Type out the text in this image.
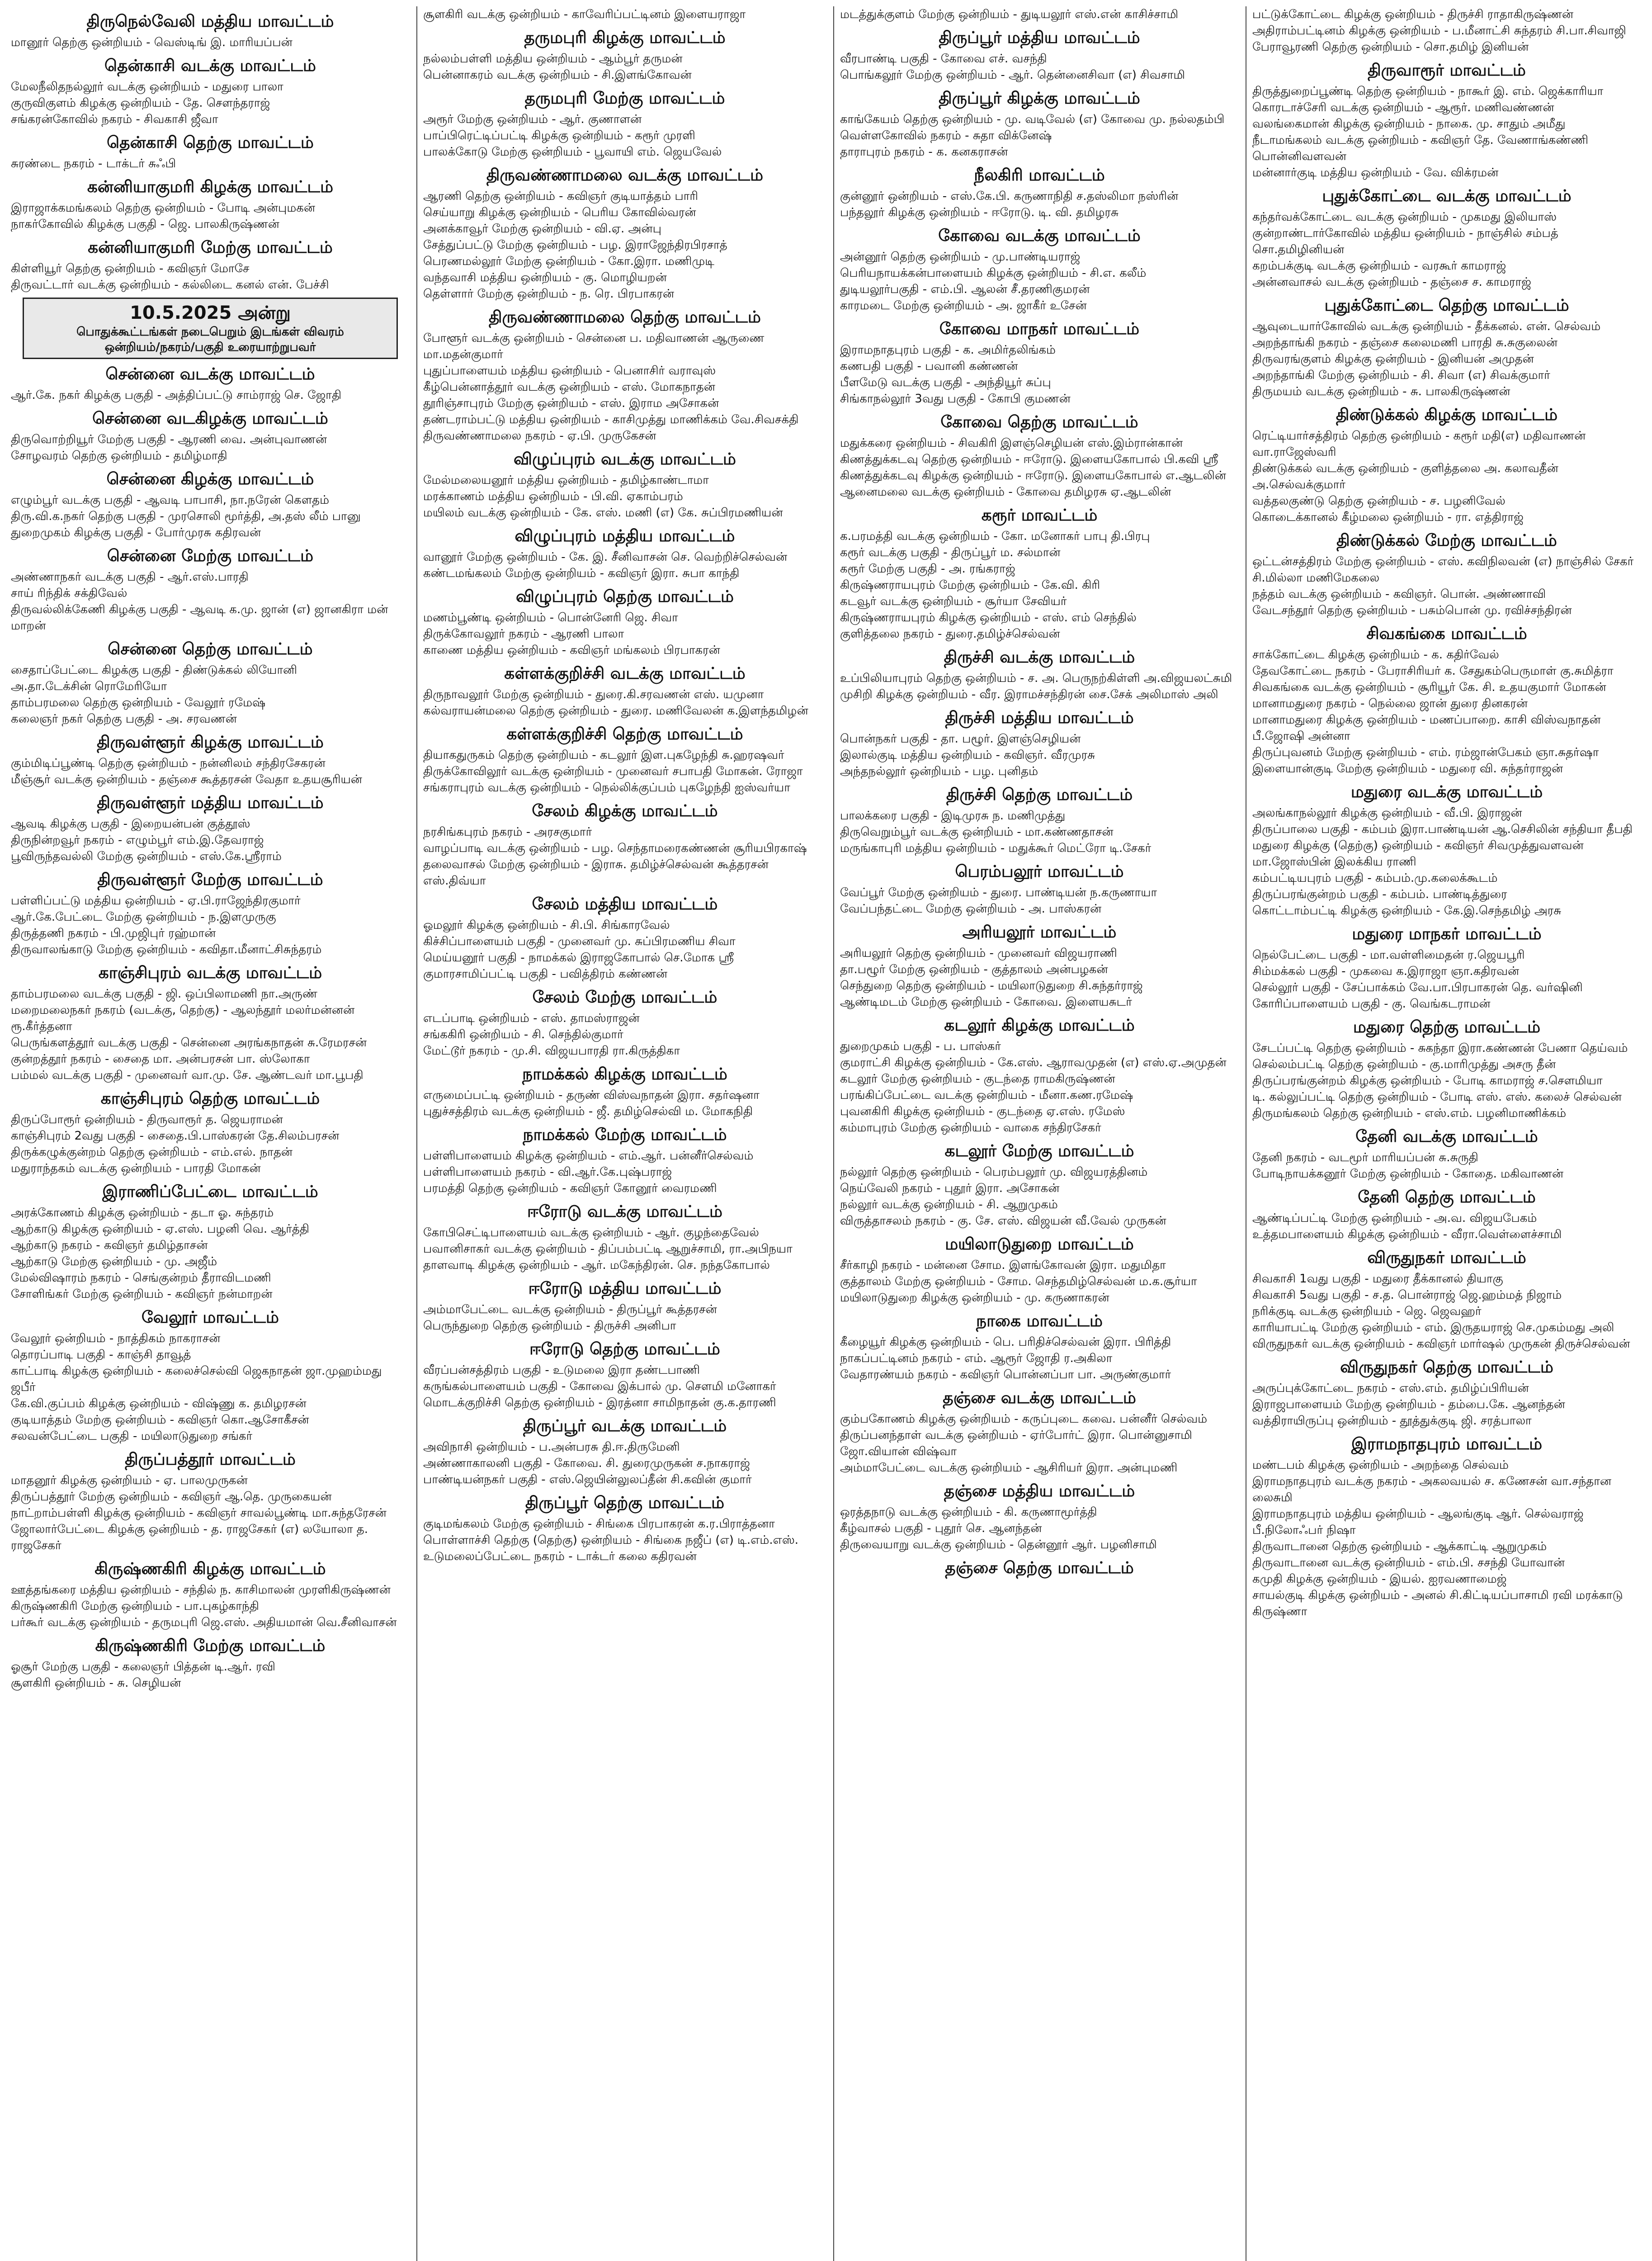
திருநெல்வேலி மத்திய மாவட்டம்
மானூர் தெற்கு ஒன்றியம் - வெஸ்டிங் இ. மாரியப்பன்
தென்காசி வடக்கு மாவட்டம்
மேலநீலிதநல்லூர் வடக்கு ஒன்றியம் - மதுரை பாலா
குருவிகுளம் கிழக்கு ஒன்றியம் - தே. சௌந்தராஜ்
சங்கரன்கோவில் நகரம் - சிவகாசி ஜீவா
தென்காசி தெற்கு மாவட்டம்
சுரண்டை நகரம் - டாக்டர் சுஃபி
கன்னியாகுமரி கிழக்கு மாவட்டம்
இராஜாக்கமங்கலம் தெற்கு ஒன்றியம் - போடி அன்புமகன்
நாகர்கோவில் கிழக்கு பகுதி - ஜெ. பாலகிருஷ்ணன்
கன்னியாகுமரி மேற்கு மாவட்டம்
கிள்ளியூர் தெற்கு ஒன்றியம் - கவிஞர் மோசே
திருவட்டார் வடக்கு ஒன்றியம் - கல்லிடை கனல் என். பேச்சி
10.5.2025 அன்று
பொதுக்கூட்டங்கள் நடைபெறும் இடங்கள் விவரம்
ஒன்றியம்/நகரம்/பகுதி உரையாற்றுபவர்
சென்னை வடக்கு மாவட்டம்
ஆர்.கே. நகர் கிழக்கு பகுதி - அத்திப்பட்டு சாம்ராஜ் செ. ஜோதி
சென்னை வடகிழக்கு மாவட்டம்
திருவொற்றியூர் மேற்கு பகுதி - ஆரணி வை. அன்புவாணன்
சோழவரம் தெற்கு ஒன்றியம் - தமிழ்மாதி
சென்னை கிழக்கு மாவட்டம்
எழும்பூர் வடக்கு பகுதி - ஆவடி பாபாசி, நா.நரேன் கௌதம்
திரு.வி.க.நகர் தெற்கு பகுதி - முரசொலி மூர்த்தி, அ.தஸ் லீம் பானு
துறைமுகம் கிழக்கு பகுதி - போர்முரசு கதிரவன்
சென்னை மேற்கு மாவட்டம்
அண்ணாநகர் வடக்கு பகுதி - ஆர்.எஸ்.பாரதி
சாய் ரிந்திக் சக்திவேல்
திருவல்லிக்கேணி கிழக்கு பகுதி - ஆவடி க.மு. ஜான் (எ) ஜானகிரா மன் மாறன்
சென்னை தெற்கு மாவட்டம்
சைதாப்பேட்டை கிழக்கு பகுதி - திண்டுக்கல் லியோனி
அ.தா.டேக்சின் ரொமேரியோ
தாம்பரமலை தெற்கு ஒன்றியம் - வேலூர் ரமேஷ்
கலைஞர் நகர் தெற்கு பகுதி - அ. சரவணன்
திருவள்ளூர் கிழக்கு மாவட்டம்
கும்மிடிப்பூண்டி தெற்கு ஒன்றியம் - நன்னிலம் சந்திரசேகரன்
மீஞ்சூர் வடக்கு ஒன்றியம் - தஞ்சை கூத்தரசன் வேதா உதயசூரியன்
திருவள்ளூர் மத்திய மாவட்டம்
ஆவடி கிழக்கு பகுதி - இறையன்பன் குத்தூஸ்
திருநின்றவூர் நகரம் - எழும்பூர் எம்.இ.தேவராஜ்
பூவிருந்தவல்லி மேற்கு ஒன்றியம் - எஸ்.கே.ஸ்ரீராம்
திருவள்ளூர் மேற்கு மாவட்டம்
பள்ளிப்பட்டு மத்திய ஒன்றியம் - ஏ.பி.ராஜேந்திரகுமார்
ஆர்.கே.பேட்டை மேற்கு ஒன்றியம் - ந.இளமுருகு
திருத்தணி நகரம் - பி.முஜிபுர் ரஹ்மான்
திருவாலங்காடு மேற்கு ஒன்றியம் - கவிதா.மீனாட்சிசுந்தரம்
காஞ்சிபுரம் வடக்கு மாவட்டம்
தாம்பரமலை வடக்கு பகுதி - ஜி. ஒப்பிலாமணி நா.அருண்
மறைமலைநகர் நகரம் (வடக்கு, தெற்கு) - ஆலந்தூர் மலர்மன்னன் ரூ.கீர்த்தனா
பெருங்களத்தூர் வடக்கு பகுதி - சென்னை அரங்கநாதன் சு.ரேமரசன்
குன்றத்தூர் நகரம் - சைதை மா. அன்பரசன் பா. ஸ்லோகா
பம்மல் வடக்கு பகுதி - முனைவர் வா.மு. சே. ஆண்டவர் மா.பூபதி
காஞ்சிபுரம் தெற்கு மாவட்டம்
திருப்போரூர் ஒன்றியம் - திருவாரூர் த. ஜெயராமன்
காஞ்சிபுரம் 2வது பகுதி - சைதை.பி.பாஸ்கரன் தே.சிலம்பரசன்
திருக்கழுக்குன்றம் தெற்கு ஒன்றியம் - எம்.எல். நாதன்
மதுராந்தகம் வடக்கு ஒன்றியம் - பாரதி மோகன்
இராணிப்பேட்டை மாவட்டம்
அரக்கோணம் கிழக்கு ஒன்றியம் - தடா ஓ. சுந்தரம்
ஆற்காடு கிழக்கு ஒன்றியம் - ஏ.எஸ். பழனி வெ. ஆர்த்தி
ஆற்காடு நகரம் - கவிஞர் தமிழ்தாசன்
ஆற்காடு மேற்கு ஒன்றியம் - மு. அஜீம்
மேல்விஷாரம் நகரம் - செங்குன்றம் தீராவிடமணி
சோளிங்கர் மேற்கு ஒன்றியம் - கவிஞர் நன்மாறன்
வேலூர் மாவட்டம்
வேலூர் ஒன்றியம் - நாத்திகம் நாகராசன்
தொரப்பாடி பகுதி - காஞ்சி தாவூத்
காட்பாடி கிழக்கு ஒன்றியம் - கலைச்செல்வி ஜெகநாதன் ஜா.முஹம்மது ஜபீர்
கே.வி.குப்பம் கிழக்கு ஒன்றியம் - விஷ்ணு க. தமிழரசன்
குடியாத்தம் மேற்கு ஒன்றியம் - கவிஞர் கொ.ஆசோகீசன்
சலவன்பேட்டை பகுதி - மயிலாடுதுறை சங்கர்
திருப்பத்தூர் மாவட்டம்
மாதனூர் கிழக்கு ஒன்றியம் - ஏ. பாலமுருகன்
திருப்பத்தூர் மேற்கு ஒன்றியம் - கவிஞர் ஆ.தெ. முருகையன்
நாட்றாம்பள்ளி கிழக்கு ஒன்றியம் - கவிஞர் சாவல்பூண்டி மா.சுந்தரேசன்
ஜோலார்பேட்டை கிழக்கு ஒன்றியம் - த. ராஜசேகர் (எ) லயோலா த. ராஜசேகர்
கிருஷ்ணகிரி கிழக்கு மாவட்டம்
ஊத்தங்கரை மத்திய ஒன்றியம் - சந்தில் ந. காசிமாலன் முரளிகிருஷ்ணன்
கிருஷ்ணகிரி மேற்கு ஒன்றியம் - பா.புகழ்காந்தி
பர்கூர் வடக்கு ஒன்றியம் - தருமபுரி ஜெ.எஸ். அதியமான் வெ.சீனிவாசன்
கிருஷ்ணகிரி மேற்கு மாவட்டம்
ஓசூர் மேற்கு பகுதி - கலைஞர் பித்தன் டி.ஆர். ரவி
சூளகிரி ஒன்றியம் - சு. செழியன்
சூளகிரி வடக்கு ஒன்றியம் - காவேரிப்பட்டினம் இளையராஜா
தருமபுரி கிழக்கு மாவட்டம்
நல்லம்பள்ளி மத்திய ஒன்றியம் - ஆம்பூர் தருமன்
பென்னாகரம் வடக்கு ஒன்றியம் - சி.இளங்கோவன்
தருமபுரி மேற்கு மாவட்டம்
அரூர் மேற்கு ஒன்றியம் - ஆர். குணாளன்
பாப்பிரெட்டிப்பட்டி கிழக்கு ஒன்றியம் - கரூர் முரளி
பாலக்கோடு மேற்கு ஒன்றியம் - பூவாயி எம். ஜெயவேல்
திருவண்ணாமலை வடக்கு மாவட்டம்
ஆரணி தெற்கு ஒன்றியம் - கவிஞர் குடியாத்தம் பாரி
செய்யாறு கிழக்கு ஒன்றியம் - பெரிய கோவில்வரன்
அனக்காவூர் மேற்கு ஒன்றியம் - வி.ஏ. அன்பு
சேத்துப்பட்டு மேற்கு ஒன்றியம் - பழ. இராஜேந்திரபிரசாத்
பெரணமல்லூர் மேற்கு ஒன்றியம் - கோ.இரா. மணிமுடி
வந்தவாசி மத்திய ஒன்றியம் - கு. மொழியறன்
தெள்ளார் மேற்கு ஒன்றியம் - ந. ரெ. பிரபாகரன்
திருவண்ணாமலை தெற்கு மாவட்டம்
போளூர் வடக்கு ஒன்றியம் - சென்னை ப. மதிவாணன் ஆருணை மா.மதன்குமார்
புதுப்பாளையம் மத்திய ஒன்றியம் - பெனாசிர் வராவுஸ்
கீழ்பென்னாத்தூர் வடக்கு ஒன்றியம் - எஸ். மோகநாதன்
தூரிஞ்சாபுரம் மேற்கு ஒன்றியம் - எஸ். இராம அசோகன்
தண்டராம்பட்டு மத்திய ஒன்றியம் - காசிமுத்து மாணிக்கம் வே.சிவசக்தி
திருவண்ணாமலை நகரம் - ஏ.பி. முருகேசன்
விழுப்புரம் வடக்கு மாவட்டம்
மேல்மலையனூர் மத்திய ஒன்றியம் - தமிழ்காண்டாமா
மரக்காணம் மத்திய ஒன்றியம் - பி.வி. ஏகாம்பரம்
மயிலம் வடக்கு ஒன்றியம் - கே. எஸ். மணி (எ) கே. சுப்பிரமணியன்
விழுப்புரம் மத்திய மாவட்டம்
வானூர் மேற்கு ஒன்றியம் - கே. இ. சீனிவாசன் செ. வெற்றிச்செல்வன்
கண்டமங்கலம் மேற்கு ஒன்றியம் - கவிஞர் இரா. சுபா காந்தி
விழுப்புரம் தெற்கு மாவட்டம்
மணம்பூண்டி ஒன்றியம் - பொன்னேரி ஜெ. சிவா
திருக்கோவலூர் நகரம் - ஆரணி பாலா
காணை மத்திய ஒன்றியம் - கவிஞர் மங்கலம் பிரபாகரன்
கள்ளக்குறிச்சி வடக்கு மாவட்டம்
திருநாவலூர் மேற்கு ஒன்றியம் - துரை.கி.சரவணன் எஸ். யமுனா
கல்வராயன்மலை தெற்கு ஒன்றியம் - துரை. மணிவேலன் க.இளந்தமிழன்
கள்ளக்குறிச்சி தெற்கு மாவட்டம்
தியாகதுருகம் தெற்கு ஒன்றியம் - கடலூர் இள.புகழேந்தி சு.ஹரஷவர்
திருக்கோவிலூர் வடக்கு ஒன்றியம் - முனைவர் சபாபதி மோகன். ரோஜா
சங்கராபுரம் வடக்கு ஒன்றியம் - நெல்லிக்குப்பம் புகழேந்தி ஐஸ்வர்யா
சேலம் கிழக்கு மாவட்டம்
நரசிங்கபுரம் நகரம் - அரசகுமார்
வாழப்பாடி வடக்கு ஒன்றியம் - பழ. செந்தாமரைகண்ணன் சூரியபிரகாஷ்
தலைவாசல் மேற்கு ஒன்றியம் - இராசு. தமிழ்ச்செல்வன் கூத்தரசன் எஸ்.திவ்யா
சேலம் மத்திய மாவட்டம்
ஓமலூர் கிழக்கு ஒன்றியம் - சி.பி. சிங்காரவேல்
கிச்சிப்பாளையம் பகுதி - முனைவர் மு. சுப்பிரமணிய சிவா
மெய்யனூர் பகுதி - நாமக்கல் இராஜகோபால் செ.மோக ஸ்ரீ
குமாரசாமிப்பட்டி பகுதி - பவித்திரம் கண்ணன்
சேலம் மேற்கு மாவட்டம்
எடப்பாடி ஒன்றியம் - எஸ். தாமஸ்ராஜன்
சங்ககிரி ஒன்றியம் - சி. செந்தில்குமார்
மேட்டூர் நகரம் - மு.சி. விஜயபாரதி ரா.கிருத்திகா
நாமக்கல் கிழக்கு மாவட்டம்
எருமைப்பட்டி ஒன்றியம் - தருண் விஸ்வநாதன் இரா. சதர்ஷனா
புதுச்சத்திரம் வடக்கு ஒன்றியம் - ஜீ. தமிழ்செல்வி ம. மோகநிதி
நாமக்கல் மேற்கு மாவட்டம்
பள்ளிபாளையம் கிழக்கு ஒன்றியம் - எம்.ஆர். பன்னீர்செல்வம்
பள்ளிபாளையம் நகரம் - வி.ஆர்.கே.புஷ்பராஜ்
பரமத்தி தெற்கு ஒன்றியம் - கவிஞர் கோனூர் வைரமணி
ஈரோடு வடக்கு மாவட்டம்
கோபிசெட்டிபாளையம் வடக்கு ஒன்றியம் - ஆர். குழந்தைவேல்
பவானிசாகர் வடக்கு ஒன்றியம் - திப்பம்பட்டி ஆறுச்சாமி, ரா.அபிநயா
தாளவாடி கிழக்கு ஒன்றியம் - ஆர். மகேந்திரன். செ. நந்தகோபால்
ஈரோடு மத்திய மாவட்டம்
அம்மாபேட்டை வடக்கு ஒன்றியம் - திருப்பூர் கூத்தரசன்
பெருந்துறை தெற்கு ஒன்றியம் - திருச்சி அனிபா
ஈரோடு தெற்கு மாவட்டம்
வீரப்பன்சத்திரம் பகுதி - உடுமலை இரா தண்டபாணி
கருங்கல்பாளையம் பகுதி - கோவை இக்பால் மு. சௌமி மனோகர்
மொடக்குறிச்சி தெற்கு ஒன்றியம் - இரத்னா சாமிநாதன் கு.க.தாரணி
திருப்பூர் வடக்கு மாவட்டம்
அவிநாசி ஒன்றியம் - ப.அன்பரசு தி.ஈ.திருமேனி
அண்ணாகாலனி பகுதி - கோவை. சி. துரைமுருகன் ச.நாகராஜ்
பாண்டியன்நகர் பகுதி - எஸ்.ஜெயின்லுலப்தீன் சி.கவின் குமார்
திருப்பூர் தெற்கு மாவட்டம்
குடிமங்கலம் மேற்கு ஒன்றியம் - சிங்கை பிரபாகரன் க.ர.பிராத்தனா
பொள்ளாச்சி தெற்கு (தெற்கு) ஒன்றியம் - சிங்கை நஜீப் (எ) டி.எம்.எஸ்.
உடுமலைப்பேட்டை நகரம் - டாக்டர் கலை கதிரவன்
மடத்துக்குளம் மேற்கு ஒன்றியம் - துடியலூர் எஸ்.என் காசிச்சாமி
திருப்பூர் மத்திய மாவட்டம்
வீரபாண்டி பகுதி - கோவை எச். வசந்தி
பொங்கலூர் மேற்கு ஒன்றியம் - ஆர். தென்னைசிவா (எ) சிவசாமி
திருப்பூர் கிழக்கு மாவட்டம்
காங்கேயம் தெற்கு ஒன்றியம் - மு. வடிவேல் (எ) கோவை மு. நல்லதம்பி
வெள்ளகோவில் நகரம் - சுதா விக்னேஷ்
தாராபுரம் நகரம் - க. கனகராசன்
நீலகிரி மாவட்டம்
குன்னூர் ஒன்றியம் - எஸ்.கே.பி. கருணாநிதி ச.தஸ்லிமா நஸ்ரின்
பந்தலூர் கிழக்கு ஒன்றியம் - ஈரோடு. டி. வி. தமிழரசு
கோவை வடக்கு மாவட்டம்
அன்னூர் தெற்கு ஒன்றியம் - மு.பாண்டியராஜ்
பெரியநாயக்கன்பாளையம் கிழக்கு ஒன்றியம் - சி.எ. கலீம்
துடியலூர்பகுதி - எம்.பி. ஆலன் சீ.தரணிகுமரன்
காரமடை மேற்கு ஒன்றியம் - அ. ஜாகீர் உசேன்
கோவை மாநகர் மாவட்டம்
இராமநாதபுரம் பகுதி - க. அமிர்தலிங்கம்
கணபதி பகுதி - பவானி கண்ணன்
பீளமேடு வடக்கு பகுதி - அந்தியூர் சுப்பு
சிங்காநல்லூர் 3வது பகுதி - கோபி குமணன்
கோவை தெற்கு மாவட்டம்
மதுக்கரை ஒன்றியம் - சிவகிரி இளஞ்செழியன் எஸ்.இம்ரான்கான்
கிணத்துக்கடவு தெற்கு ஒன்றியம் - ஈரோடு. இளையகோபால் பி.கவி ஸ்ரீ
கிணத்துக்கடவு கிழக்கு ஒன்றியம் - ஈரோடு. இளையகோபால் எ.ஆடலின்
ஆனைமலை வடக்கு ஒன்றியம் - கோவை தமிழரசு ஏ.ஆடலின்
கரூர் மாவட்டம்
க.பரமத்தி வடக்கு ஒன்றியம் - கோ. மனோகர் பாபு தி.பிரபு
கரூர் வடக்கு பகுதி - திருப்பூர் ம. சல்மான்
கரூர் மேற்கு பகுதி - அ. ரங்கராஜ்
கிருஷ்ணராயபுரம் மேற்கு ஒன்றியம் - கே.வி. கிரி
கடவூர் வடக்கு ஒன்றியம் - சூர்யா சேவியர்
கிருஷ்ணராயபுரம் கிழக்கு ஒன்றியம் - எஸ். எம் செந்தில்
குளித்தலை நகரம் - துரை.தமிழ்ச்செல்வன்
திருச்சி வடக்கு மாவட்டம்
உப்பிலியாபுரம் தெற்கு ஒன்றியம் - ச. அ. பெருநற்கிள்ளி அ.விஜயலட்சுமி
முசிறி கிழக்கு ஒன்றியம் - வீர. இராமச்சந்திரன் சை.சேக் அலிமாஸ் அலி
திருச்சி மத்திய மாவட்டம்
பொன்நகர் பகுதி - தா. பழூர். இளஞ்செழியன்
இலால்குடி மத்திய ஒன்றியம் - கவிஞர். வீரமுரசு
அந்தநல்லூர் ஒன்றியம் - பழ. புனிதம்
திருச்சி தெற்கு மாவட்டம்
பாலக்கரை பகுதி - இடிமுரசு ந. மணிமுத்து
திருவெறும்பூர் வடக்கு ஒன்றியம் - மா.கண்ணதாசன்
மருங்காபுரி மத்திய ஒன்றியம் - மதுக்கூர் மெட்ரோ டி.சேகர்
பெரம்பலூர் மாவட்டம்
வேப்பூர் மேற்கு ஒன்றியம் - துரை. பாண்டியன் ந.கருணாயா
வேப்பந்தட்டை மேற்கு ஒன்றியம் - அ. பாஸ்கரன்
அரியலூர் மாவட்டம்
அரியலூர் தெற்கு ஒன்றியம் - முனைவர் விஜயராணி
தா.பழூர் மேற்கு ஒன்றியம் - குத்தாலம் அன்பழகன்
செந்துறை தெற்கு ஒன்றியம் - மயிலாடுதுறை சி.சுந்தர்ராஜ்
ஆண்டிமடம் மேற்கு ஒன்றியம் - கோவை. இளையசுடர்
கடலூர் கிழக்கு மாவட்டம்
துறைமுகம் பகுதி - ப. பாஸ்கர்
குமராட்சி கிழக்கு ஒன்றியம் - கே.எஸ். ஆராவமுதன் (எ) எஸ்.ஏ.அமுதன்
கடலூர் மேற்கு ஒன்றியம் - குடந்தை ராமகிருஷ்ணன்
பரங்கிப்பேட்டை வடக்கு ஒன்றியம் - மீனா.கண.ரமேஷ்
புவனகிரி கிழக்கு ஒன்றியம் - குடந்தை ஏ.எஸ். ரமேஸ்
கம்மாபுரம் மேற்கு ஒன்றியம் - வாகை சந்திரசேகர்
கடலூர் மேற்கு மாவட்டம்
நல்லூர் தெற்கு ஒன்றியம் - பெரம்பலூர் மு. விஜயரத்தினம்
நெய்வேலி நகரம் - புதூர் இரா. அசோகன்
நல்லூர் வடக்கு ஒன்றியம் - சி. ஆறுமுகம்
விருத்தாசலம் நகரம் - கு. சே. எஸ். விஜயன் வீ.வேல் முருகன்
மயிலாடுதுறை மாவட்டம்
சீர்காழி நகரம் - மன்னை சோம. இளங்கோவன் இரா. மதுமிதா
குத்தாலம் மேற்கு ஒன்றியம் - சோம. செந்தமிழ்செல்வன் ம.க.சூர்யா
மயிலாடுதுறை கிழக்கு ஒன்றியம் - மு. கருணாகரன்
நாகை மாவட்டம்
கீழையூர் கிழக்கு ஒன்றியம் - பெ. பரிதிச்செல்வன் இரா. பிரித்தி
நாகப்பட்டினம் நகரம் - எம். ஆரூர் ஜோதி ர.அகிலா
வேதாரண்யம் நகரம் - கவிஞர் பொன்னப்பா பா. அருண்குமார்
தஞ்சை வடக்கு மாவட்டம்
கும்பகோணம் கிழக்கு ஒன்றியம் - கருப்புடை கவை. பன்னீர் செல்வம்
திருப்பனந்தாள் வடக்கு ஒன்றியம் - ஏர்போர்ட் இரா. பொன்னுசாமி ஜோ.வியான் விஷ்வா
அம்மாபேட்டை வடக்கு ஒன்றியம் - ஆசிரியர் இரா. அன்புமணி
தஞ்சை மத்திய மாவட்டம்
ஒரத்தநாடு வடக்கு ஒன்றியம் - கி. கருணாமூர்த்தி
கீழ்வாசல் பகுதி - புதூர் செ. ஆனந்தன்
திருவையாறு வடக்கு ஒன்றியம் - தென்னூர் ஆர். பழனிசாமி
தஞ்சை தெற்கு மாவட்டம்
பட்டுக்கோட்டை கிழக்கு ஒன்றியம் - திருச்சி ராதாகிருஷ்ணன்
அதிராம்பட்டினம் கிழக்கு ஒன்றியம் - ப.மீனாட்சி சுந்தரம் சி.பா.சிவாஜி
பேராவூரணி தெற்கு ஒன்றியம் - சொ.தமிழ் இனியன்
திருவாரூர் மாவட்டம்
திருத்துறைப்பூண்டி தெற்கு ஒன்றியம் - நாகூர் இ. எம். ஜெக்காரியா
கொரடாச்சேரி வடக்கு ஒன்றியம் - ஆரூர். மணிவண்ணன்
வலங்கைமான் கிழக்கு ஒன்றியம் - நாகை. மு. சாதும் அமீது
நீடாமங்கலம் வடக்கு ஒன்றியம் - கவிஞர் தே. வேணாங்கண்ணி பொன்னிவளவன்
மன்னார்குடி மத்திய ஒன்றியம் - வே. விக்ரமன்
புதுக்கோட்டை வடக்கு மாவட்டம்
கந்தர்வக்கோட்டை வடக்கு ஒன்றியம் - முகமது இலியாஸ்
குன்றாண்டார்கோவில் மத்திய ஒன்றியம் - நாஞ்சில் சம்பத் சொ.தமிழினியன்
கறம்பக்குடி வடக்கு ஒன்றியம் - வரகூர் காமராஜ்
அன்னவாசல் வடக்கு ஒன்றியம் - தஞ்சை ச. காமராஜ்
புதுக்கோட்டை தெற்கு மாவட்டம்
ஆவுடையார்கோவில் வடக்கு ஒன்றியம் - தீக்கனல். என். செல்வம்
அறந்தாங்கி நகரம் - தஞ்சை கலைமணி பாரதி சு.சுகுலைன்
திருவரங்குளம் கிழக்கு ஒன்றியம் - இனியன் அமுதன்
அறந்தாங்கி மேற்கு ஒன்றியம் - சி. சிவா (எ) சிவக்குமார்
திருமயம் வடக்கு ஒன்றியம் - சு. பாலகிருஷ்ணன்
திண்டுக்கல் கிழக்கு மாவட்டம்
ரெட்டியார்சத்திரம் தெற்கு ஒன்றியம் - கரூர் மதி(எ) மதிவாணன் வா.ராஜேஸ்வரி
திண்டுக்கல் வடக்கு ஒன்றியம் - குளித்தலை அ. கலாவதீன் அ.செல்வக்குமார்
வத்தலகுண்டு தெற்கு ஒன்றியம் - ச. பழனிவேல்
கொடைக்கானல் கீழ்மலை ஒன்றியம் - ரா. எத்திராஜ்
திண்டுக்கல் மேற்கு மாவட்டம்
ஒட்டன்சத்திரம் மேற்கு ஒன்றியம் - எஸ். கவிநிலவன் (எ) நாஞ்சில் சேகர் சி.மில்லா மணிமேகலை
நத்தம் வடக்கு ஒன்றியம் - கவிஞர். பொன். அண்ணாவி
வேடசந்தூர் தெற்கு ஒன்றியம் - பசும்பொன் மு. ரவிச்சந்திரன்
சிவகங்கை மாவட்டம்
சாக்கோட்டை கிழக்கு ஒன்றியம் - க. கதிர்வேல்
தேவகோட்டை நகரம் - பேராசிரியர் க. சேதுகம்பெருமாள் கு.சுமித்ரா
சிவகங்கை வடக்கு ஒன்றியம் - சூரியூர் கே. சி. உதயகுமார் மோகன்
மானாமதுரை நகரம் - நெல்லை ஜான் துரை தினகரன்
மானாமதுரை கிழக்கு ஒன்றியம் - மணப்பாறை. காசி விஸ்வநாதன் பீ.ஜோஷி அன்னா
திருப்புவனம் மேற்கு ஒன்றியம் - எம். ரம்ஜான்பேகம் ஞா.சுதர்ஷா
இளையான்குடி மேற்கு ஒன்றியம் - மதுரை வி. சுந்தர்ராஜன்
மதுரை வடக்கு மாவட்டம்
அலங்காநல்லூர் கிழக்கு ஒன்றியம் - வீ.பி. இராஜன்
திருப்பாலை பகுதி - கம்பம் இரா.பாண்டியன் ஆ.செசிலின் சந்தியா தீபதி
மதுரை கிழக்கு (தெற்கு) ஒன்றியம் - கவிஞர் சிவமுத்துவளவன் மா.ஜோஸ்பின் இலக்கிய ராணி
கம்பட்டியபுரம் பகுதி - கம்பம்.மு.கலைக்கூடம்
திருப்பரங்குன்றம் பகுதி - கம்பம். பாண்டித்துரை
கொட்டாம்பட்டி கிழக்கு ஒன்றியம் - கே.இ.செந்தமிழ் அரசு
மதுரை மாநகர் மாவட்டம்
நெல்பேட்டை பகுதி - மா.வள்ளிமைதன் ர.ஜெயபூரி
சிம்மக்கல் பகுதி - முகவை க.இராஜா ஞா.கதிரவன்
செல்லூர் பகுதி - சேப்பாக்கம் வே.பா.பிரபாகரன் தெ. வர்ஷினி
கோரிப்பாளையம் பகுதி - கு. வெங்கடராமன்
மதுரை தெற்கு மாவட்டம்
சேடப்பட்டி தெற்கு ஒன்றியம் - சுகந்தா இரா.கண்ணன் பேணா தெய்வம்
செல்லம்பட்டி தெற்கு ஒன்றியம் - கு.மாரிமுத்து அசரு தீன்
திருப்பரங்குன்றம் கிழக்கு ஒன்றியம் - போடி காமராஜ் ச.சௌமியா
டி. கல்லுப்பட்டி தெற்கு ஒன்றியம் - போடி எஸ். எஸ். கலைச் செல்வன்
திருமங்கலம் தெற்கு ஒன்றியம் - எஸ்.எம். பழனிமாணிக்கம்
தேனி வடக்கு மாவட்டம்
தேனி நகரம் - வடமூர் மாரியப்பன் சு.சுருதி
போடிநாயக்கனூர் மேற்கு ஒன்றியம் - கோதை. மகிவாணன்
தேனி தெற்கு மாவட்டம்
ஆண்டிப்பட்டி மேற்கு ஒன்றியம் - அ.வ. விஜயபேகம்
உத்தமபாளையம் கிழக்கு ஒன்றியம் - வீரா.வெள்ளைச்சாமி
விருதுநகர் மாவட்டம்
சிவகாசி 1வது பகுதி - மதுரை தீக்கானல் தியாகு
சிவகாசி 5வது பகுதி - ச.த. பொன்ராஜ் ஜெ.ஹம்மத் நிஜாம்
நரிக்குடி வடக்கு ஒன்றியம் - ஜெ. ஜெவஹர்
காரியாபட்டி மேற்கு ஒன்றியம் - எம். இருதயராஜ் செ.முகம்மது அலி
விருதுநகர் வடக்கு ஒன்றியம் - கவிஞர் மார்ஷல் முருகன் திருச்செல்வன்
விருதுநகர் தெற்கு மாவட்டம்
அருப்புக்கோட்டை நகரம் - எஸ்.எம். தமிழ்ப்பிரியன்
இராஜபாளையம் மேற்கு ஒன்றியம் - தம்பை.கே. ஆனந்தன்
வத்திராயிருப்பு ஒன்றியம் - தூத்துக்குடி ஜி. சரத்பாலா
இராமநாதபுரம் மாவட்டம்
மண்டபம் கிழக்கு ஒன்றியம் - அறந்தை செல்வம்
இராமநாதபுரம் வடக்கு நகரம் - அகலவயல் ச. கணேசன் வா.சந்தான லைசுமி
இராமநாதபுரம் மத்திய ஒன்றியம் - ஆலங்குடி ஆர். செல்வராஜ் பீ.நிலோஃபர் நிஷா
திருவாடானை தெற்கு ஒன்றியம் - ஆக்காட்டி ஆறுமுகம்
திருவாடானை வடக்கு ஒன்றியம் - எம்.பி. சசந்தி யோவான்
கமுதி கிழக்கு ஒன்றியம் - இயல். ஐரவணாமைஜ்
சாயல்குடி கிழக்கு ஒன்றியம் - அனல் சி.கிட்டியப்பாசாமி ரவி மரக்காடு கிருஷ்ணா
